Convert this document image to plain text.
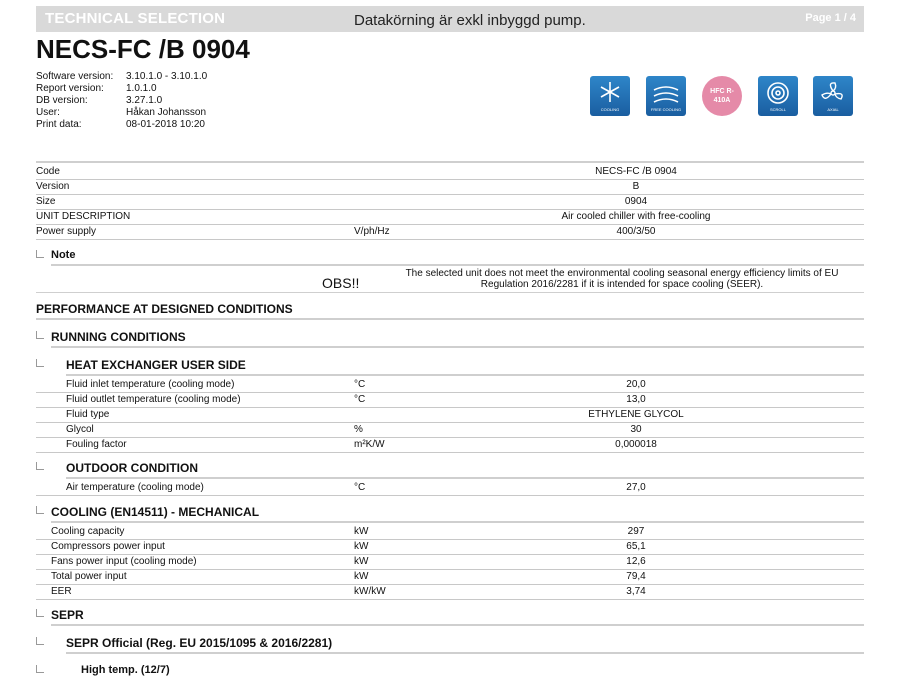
TECHNICAL SELECTION	Datakörning är exkl inbyggd pump.	Page 1 / 4
NECS-FC /B 0904
Software version: 3.10.1.0 - 3.10.1.0
Report version: 1.0.1.0
DB version:	3.27.1.0
User:	Håkan Johansson
Print data:	08-01-2018 10:20
COOLING	FREE COOLING
HFC R-410A
SCROLL	AXIAL
Code	NECS-FC /B 0904
Version	B
Size	0904
UNIT DESCRIPTION	Air cooled chiller with free-cooling
Power supply	V/ph/Hz	400/3/50
Note
OBS!!
The selected unit does not meet the environmental cooling seasonal energy efficiency limits of EU
Regulation 2016/2281 if it is intended for space cooling (SEER).
PERFORMANCE AT DESIGNED CONDITIONS
RUNNING CONDITIONS
HEAT EXCHANGER USER SIDE
Fluid inlet temperature (cooling mode)	°C	20,0
Fluid outlet temperature (cooling mode)	°C	13,0
Fluid type	ETHYLENE GLYCOL
Glycol	%	30
Fouling factor	m²K/W	0,000018
OUTDOOR CONDITION
Air temperature (cooling mode)	°C	27,0
COOLING (EN14511) - MECHANICAL
Cooling capacity	kW	297
Compressors power input	kW	65,1
Fans power input (cooling mode)	kW	12,6
Total power input	kW	79,4
EER	kW/kW	3,74
SEPR
SEPR Official (Reg. EU 2015/1095 & 2016/2281)
High temp. (12/7)
